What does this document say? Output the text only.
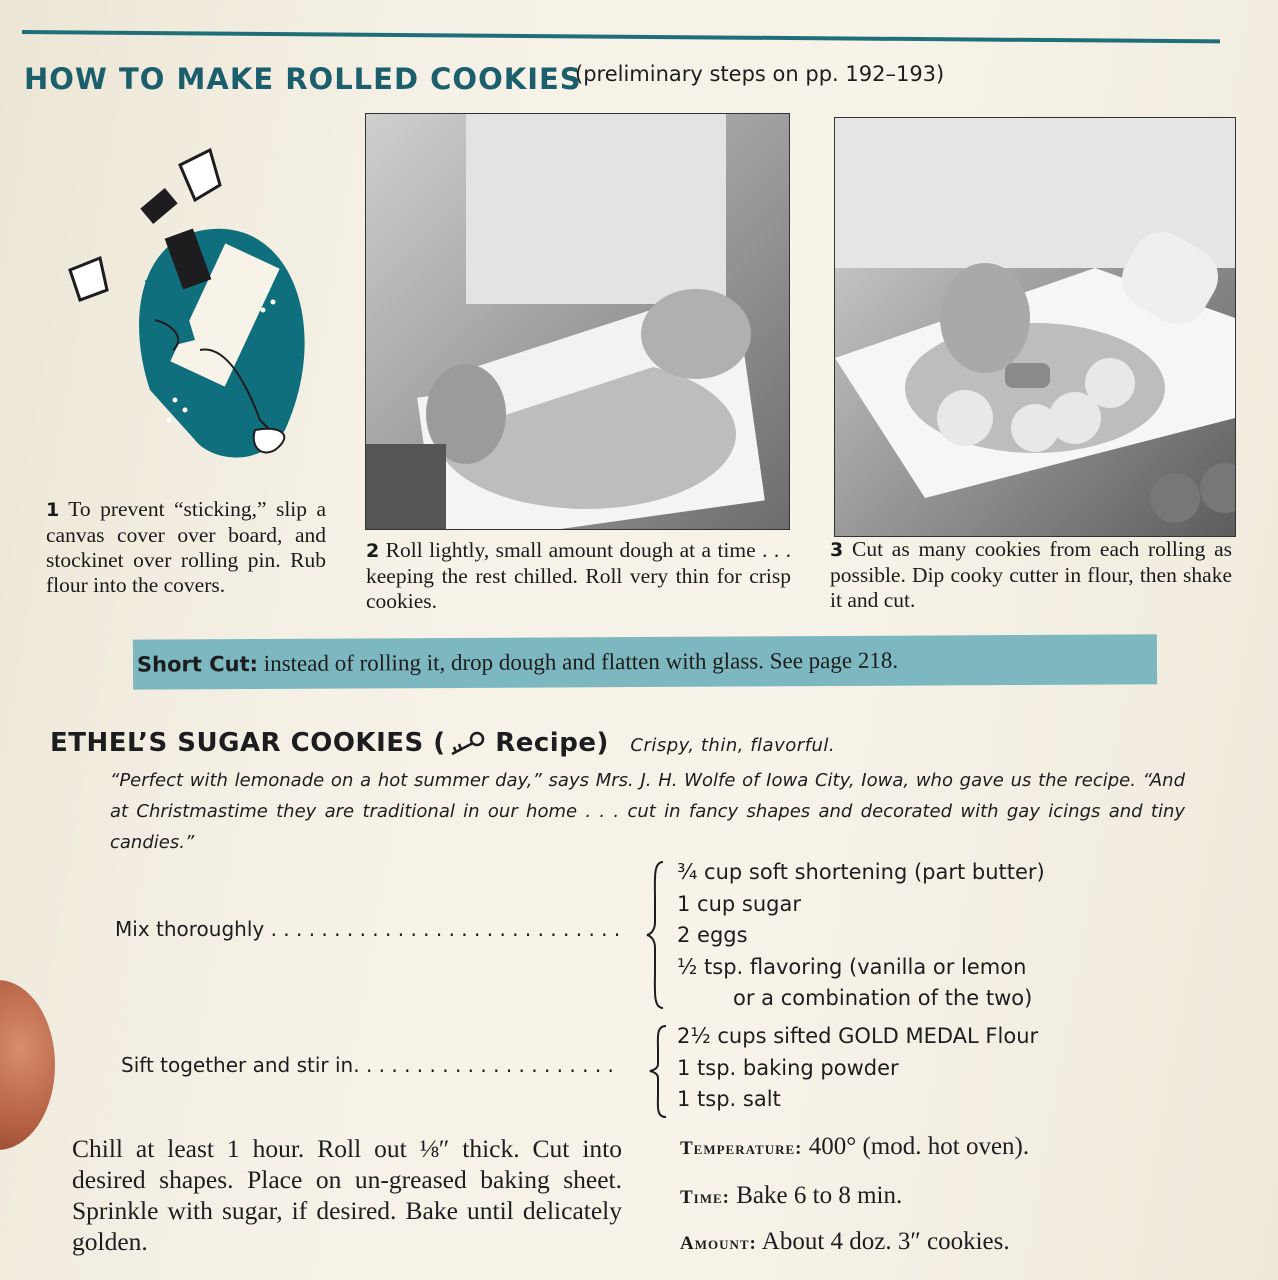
HOW TO MAKE ROLLED COOKIES
(preliminary steps on pp. 192–193)
1 To prevent “sticking,” slip a canvas cover over board, and stockinet over rolling pin. Rub flour into the covers.
2 Roll lightly, small amount dough at a time . . . keeping the rest chilled. Roll very thin for crisp cookies.
3 Cut as many cookies from each rolling as possible. Dip cooky cutter in flour, then shake it and cut.
Short Cut: instead of rolling it, drop dough and flatten with glass. See page 218.
ETHEL’S SUGAR COOKIES ( Recipe) Crispy, thin, flavorful.
“Perfect with lemonade on a hot summer day,” says Mrs. J. H. Wolfe of Iowa City, Iowa, who gave us the recipe. “And at Christmastime they are traditional in our home . . . cut in fancy shapes and decorated with gay icings and tiny candies.”
Mix thoroughly . . . . . . . . . . . . . . . . . . . . . . . . . . . .
¾ cup soft shortening (part butter)
1 cup sugar
2 eggs
½ tsp. flavoring (vanilla or lemon
or a combination of the two)
Sift together and stir in. . . . . . . . . . . . . . . . . . . . .
2½ cups sifted GOLD MEDAL Flour
1 tsp. baking powder
1 tsp. salt
Chill at least 1 hour. Roll out ⅛″ thick. Cut into desired shapes. Place on un-greased baking sheet. Sprinkle with sugar, if desired. Bake until delicately golden.
Temperature: 400° (mod. hot oven).
Time: Bake 6 to 8 min.
Amount: About 4 doz. 3″ cookies.
